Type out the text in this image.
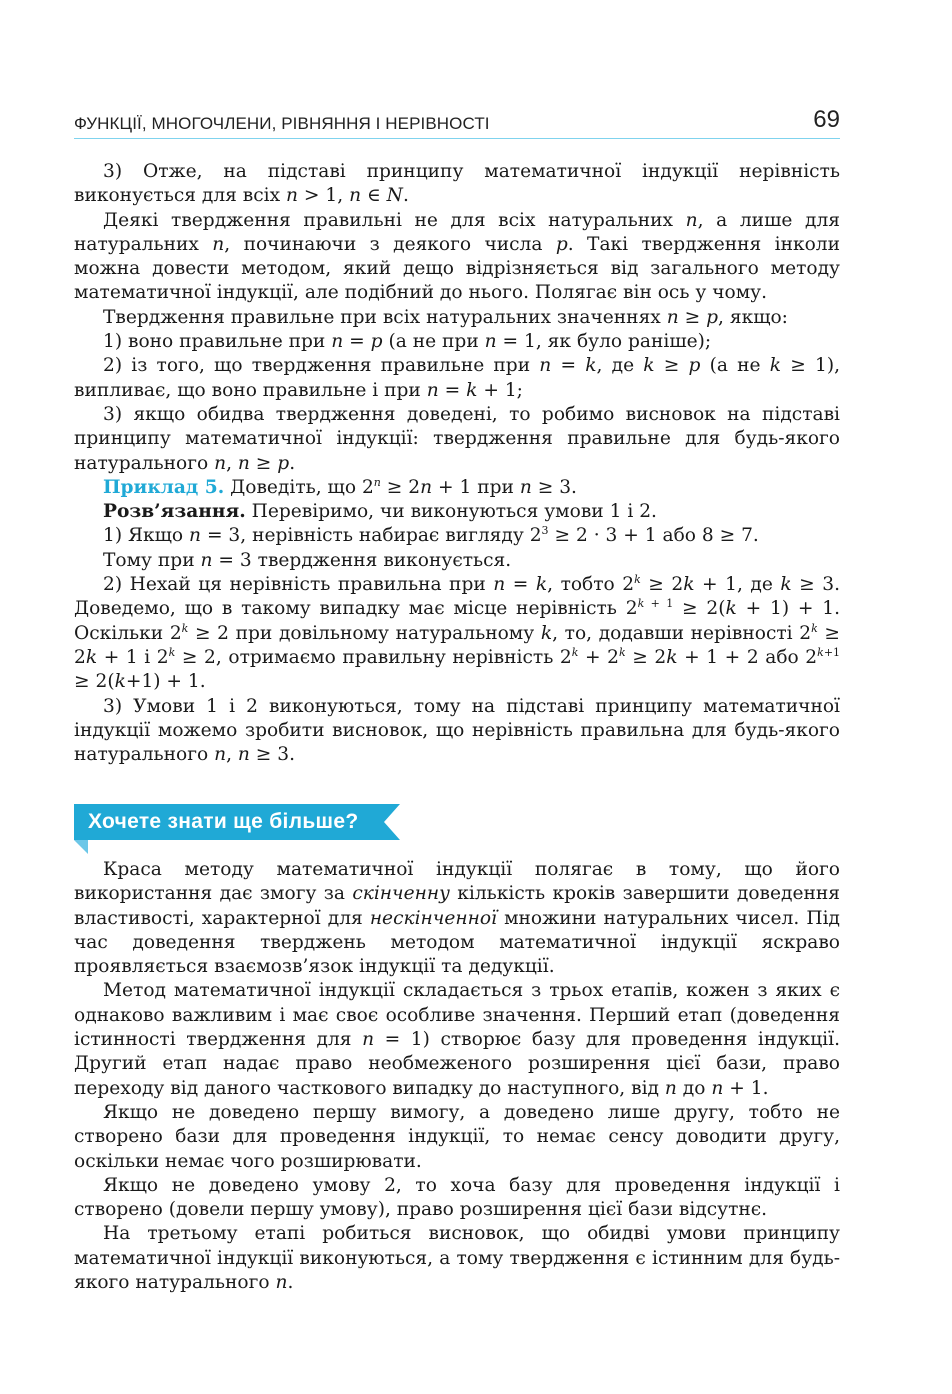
ФУНКЦІЇ, МНОГОЧЛЕНИ, РІВНЯННЯ І НЕРІВНОСТІ	69

3) Отже, на підставі принципу математичної індукції нерівність виконується для всіх n > 1, n ∈ N.

Деякі твердження правильні не для всіх натуральних n, а лише для натуральних n, починаючи з деякого числа p. Такі твердження інколи можна довести методом, який дещо відрізняється від загального методу математичної індукції, але подібний до нього. Полягає він ось у чому.

Твердження правильне при всіх натуральних значеннях n ≥ p, якщо:

1) воно правильне при n = p (а не при n = 1, як було раніше);

2) із того, що твердження правильне при n = k, де k ≥ p (а не k ≥ 1), випливає, що воно правильне і при n = k + 1;

3) якщо обидва твердження доведені, то робимо висновок на підставі принципу математичної індукції: твердження правильне для будь-якого натурального n, n ≥ p.

Приклад 5. Доведіть, що $2^n \ge 2n + 1$ при n ≥ 3.

Розв’язання. Перевіримо, чи виконуються умови 1 і 2.

1) Якщо n = 3, нерівність набирає вигляду $2^3 \ge 2 \cdot 3 + 1$ або 8 ≥ 7.

Тому при n = 3 твердження виконується.

2) Нехай ця нерівність правильна при n = k, тобто $2^k \ge 2k + 1$, де k ≥ 3. Доведемо, що в такому випадку має місце нерівність $2^{k + 1} \ge 2(k + 1) + 1$. Оскільки $2^k \ge 2$ при довільному натуральному k, то, додавши нерівності $2^k \ge 2k + 1$ і $2^k \ge 2$, отримаємо правильну нерівність $2^k + 2^k \ge 2k + 1 + 2$ або $2^{k+1} \ge 2(k+1) + 1$.

3) Умови 1 і 2 виконуються, тому на підставі принципу математичної індукції можемо зробити висновок, що нерівність правильна для будь-якого натурального n, n ≥ 3.

Хочете знати ще більше?

Краса методу математичної індукції полягає в тому, що його використання дає змогу за скінченну кількість кроків завершити доведення властивості, характерної для нескінченної множини натуральних чисел. Під час доведення тверджень методом математичної індукції яскраво проявляється взаємозв’язок індукції та дедукції.

Метод математичної індукції складається з трьох етапів, кожен з яких є однаково важливим і має своє особливе значення. Перший етап (доведення істинності твердження для n = 1) створює базу для проведення індукції. Другий етап надає право необмеженого розширення цієї бази, право переходу від даного часткового випадку до наступного, від n до n + 1.

Якщо не доведено першу вимогу, а доведено лише другу, тобто не створено бази для проведення індукції, то немає сенсу доводити другу, оскільки немає чого розширювати.

Якщо не доведено умову 2, то хоча базу для проведення індукції і створено (довели першу умову), право розширення цієї бази відсутнє.

На третьому етапі робиться висновок, що обидві умови принципу математичної індукції виконуються, а тому твердження є істинним для будь-якого натурального n.
